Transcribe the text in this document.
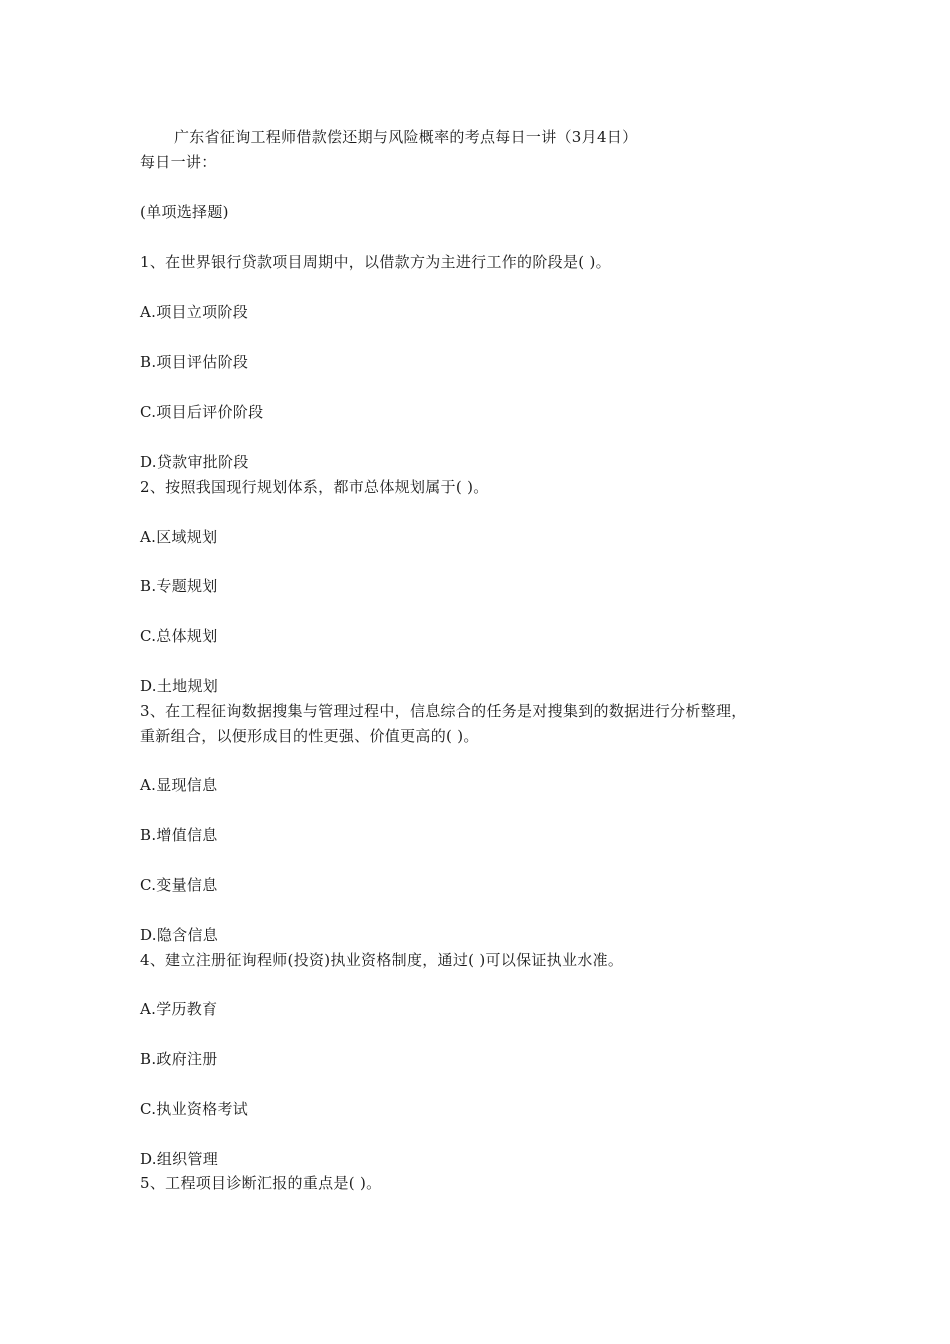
广东省征询工程师借款偿还期与风险概率的考点每日一讲（3月4日）
每日一讲：
(单项选择题)
1、在世界银行贷款项目周期中，以借款方为主进行工作的阶段是( )。
A.项目立项阶段
B.项目评估阶段
C.项目后评价阶段
D.贷款审批阶段
2、按照我国现行规划体系，都市总体规划属于( )。
A.区域规划
B.专题规划
C.总体规划
D.土地规划
3、在工程征询数据搜集与管理过程中，信息综合的任务是对搜集到的数据进行分析整理，
重新组合，以便形成目的性更强、价值更高的( )。
A.显现信息
B.增值信息
C.变量信息
D.隐含信息
4、建立注册征询程师(投资)执业资格制度，通过( )可以保证执业水准。
A.学历教育
B.政府注册
C.执业资格考试
D.组织管理
5、工程项目诊断汇报的重点是( )。
